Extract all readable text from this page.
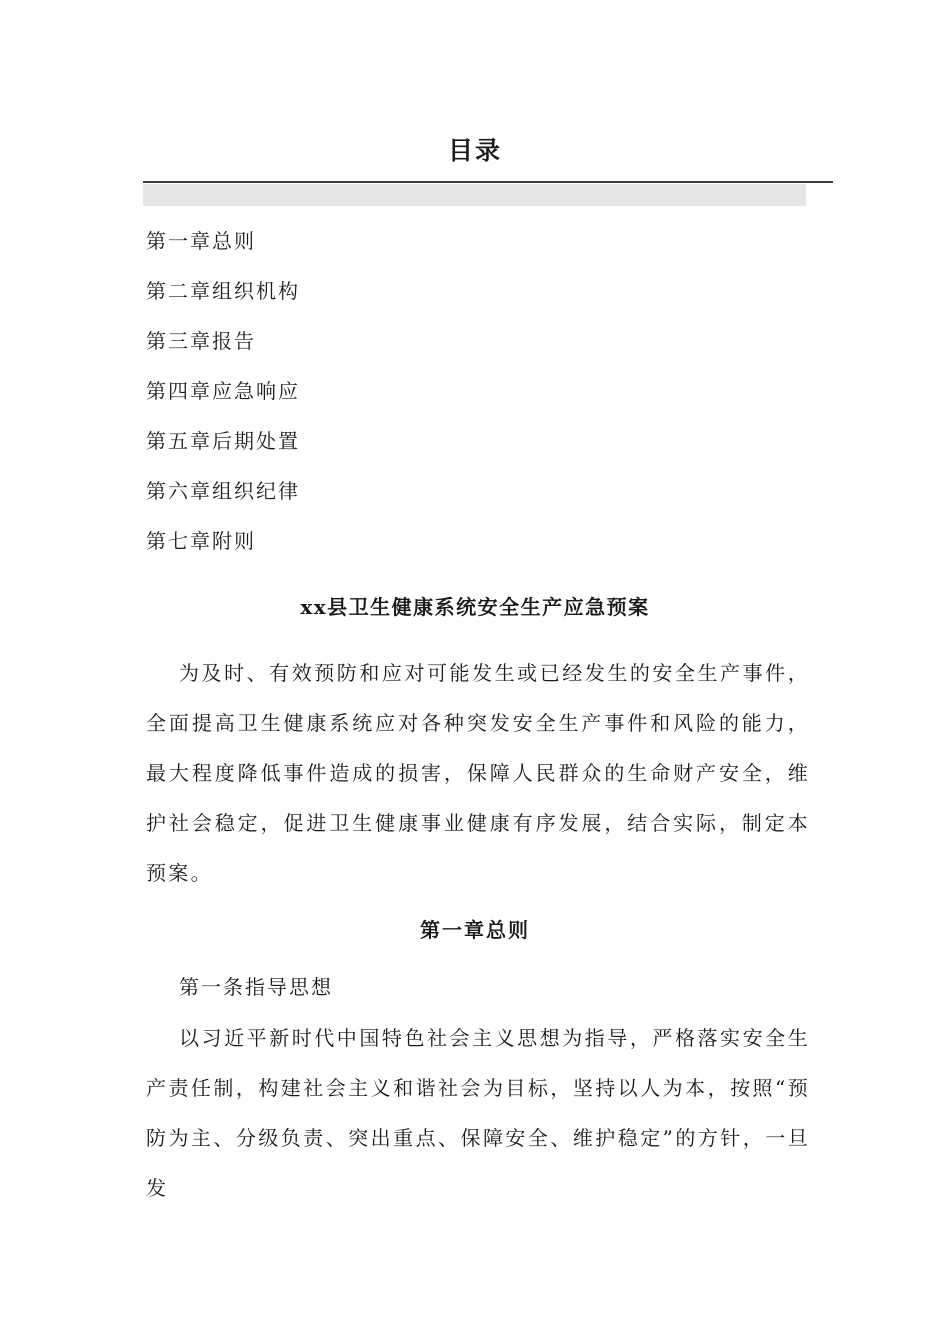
目录
第一章总则
第二章组织机构
第三章报告
第四章应急响应
第五章后期处置
第六章组织纪律
第七章附则
xx县卫生健康系统安全生产应急预案

为及时、有效预防和应对可能发生或已经发生的安全生产事件，全面提高卫生健康系统应对各种突发安全生产事件和风险的能力，最大程度降低事件造成的损害，保障人民群众的生命财产安全，维护社会稳定，促进卫生健康事业健康有序发展，结合实际，制定本预案。

第一章总则
第一条指导思想

以习近平新时代中国特色社会主义思想为指导，严格落实安全生产责任制，构建社会主义和谐社会为目标，坚持以人为本，按照“预防为主、分级负责、突出重点、保障安全、维护稳定”的方针，一旦发
